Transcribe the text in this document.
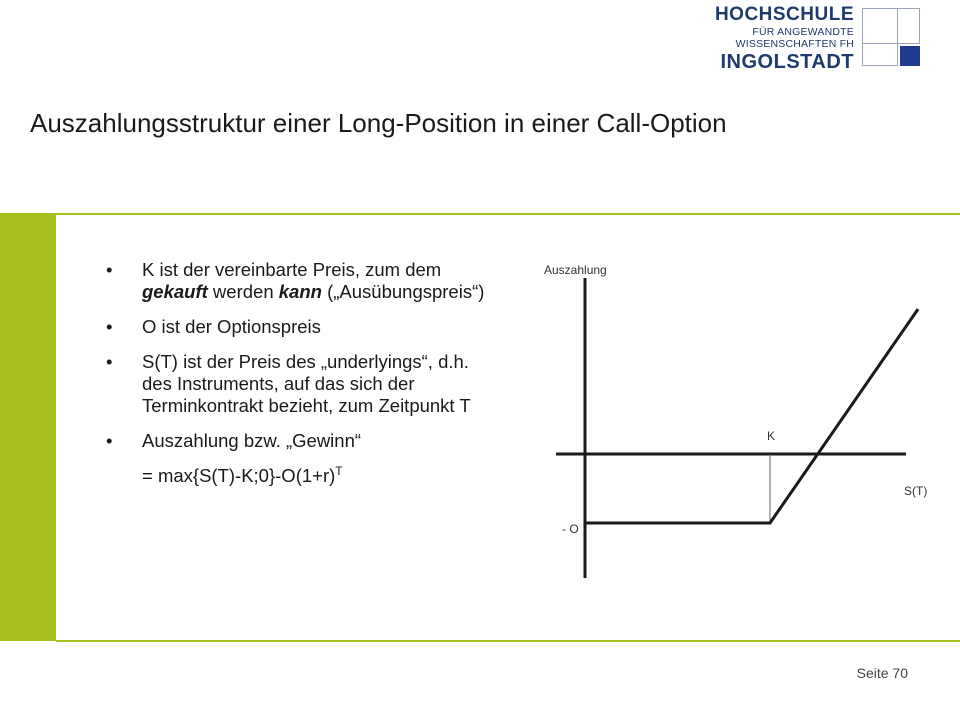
HOCHSCHULE
FÜR ANGEWANDTE
WISSENSCHAFTEN FH
INGOLSTADT
Auszahlungsstruktur einer Long-Position in einer Call-Option
• K ist der vereinbarte Preis, zum dem gekauft werden kann („Ausübungspreis“)
• O ist der Optionspreis
• S(T) ist der Preis des „underlyings“, d.h. des Instruments, auf das sich der Terminkontrakt bezieht, zum Zeitpunkt T
• Auszahlung bzw. „Gewinn“
= $\max\{S(T)-K;0\}-O(1+r)^T$
Auszahlung
S(T)
K
- O
Seite 70
